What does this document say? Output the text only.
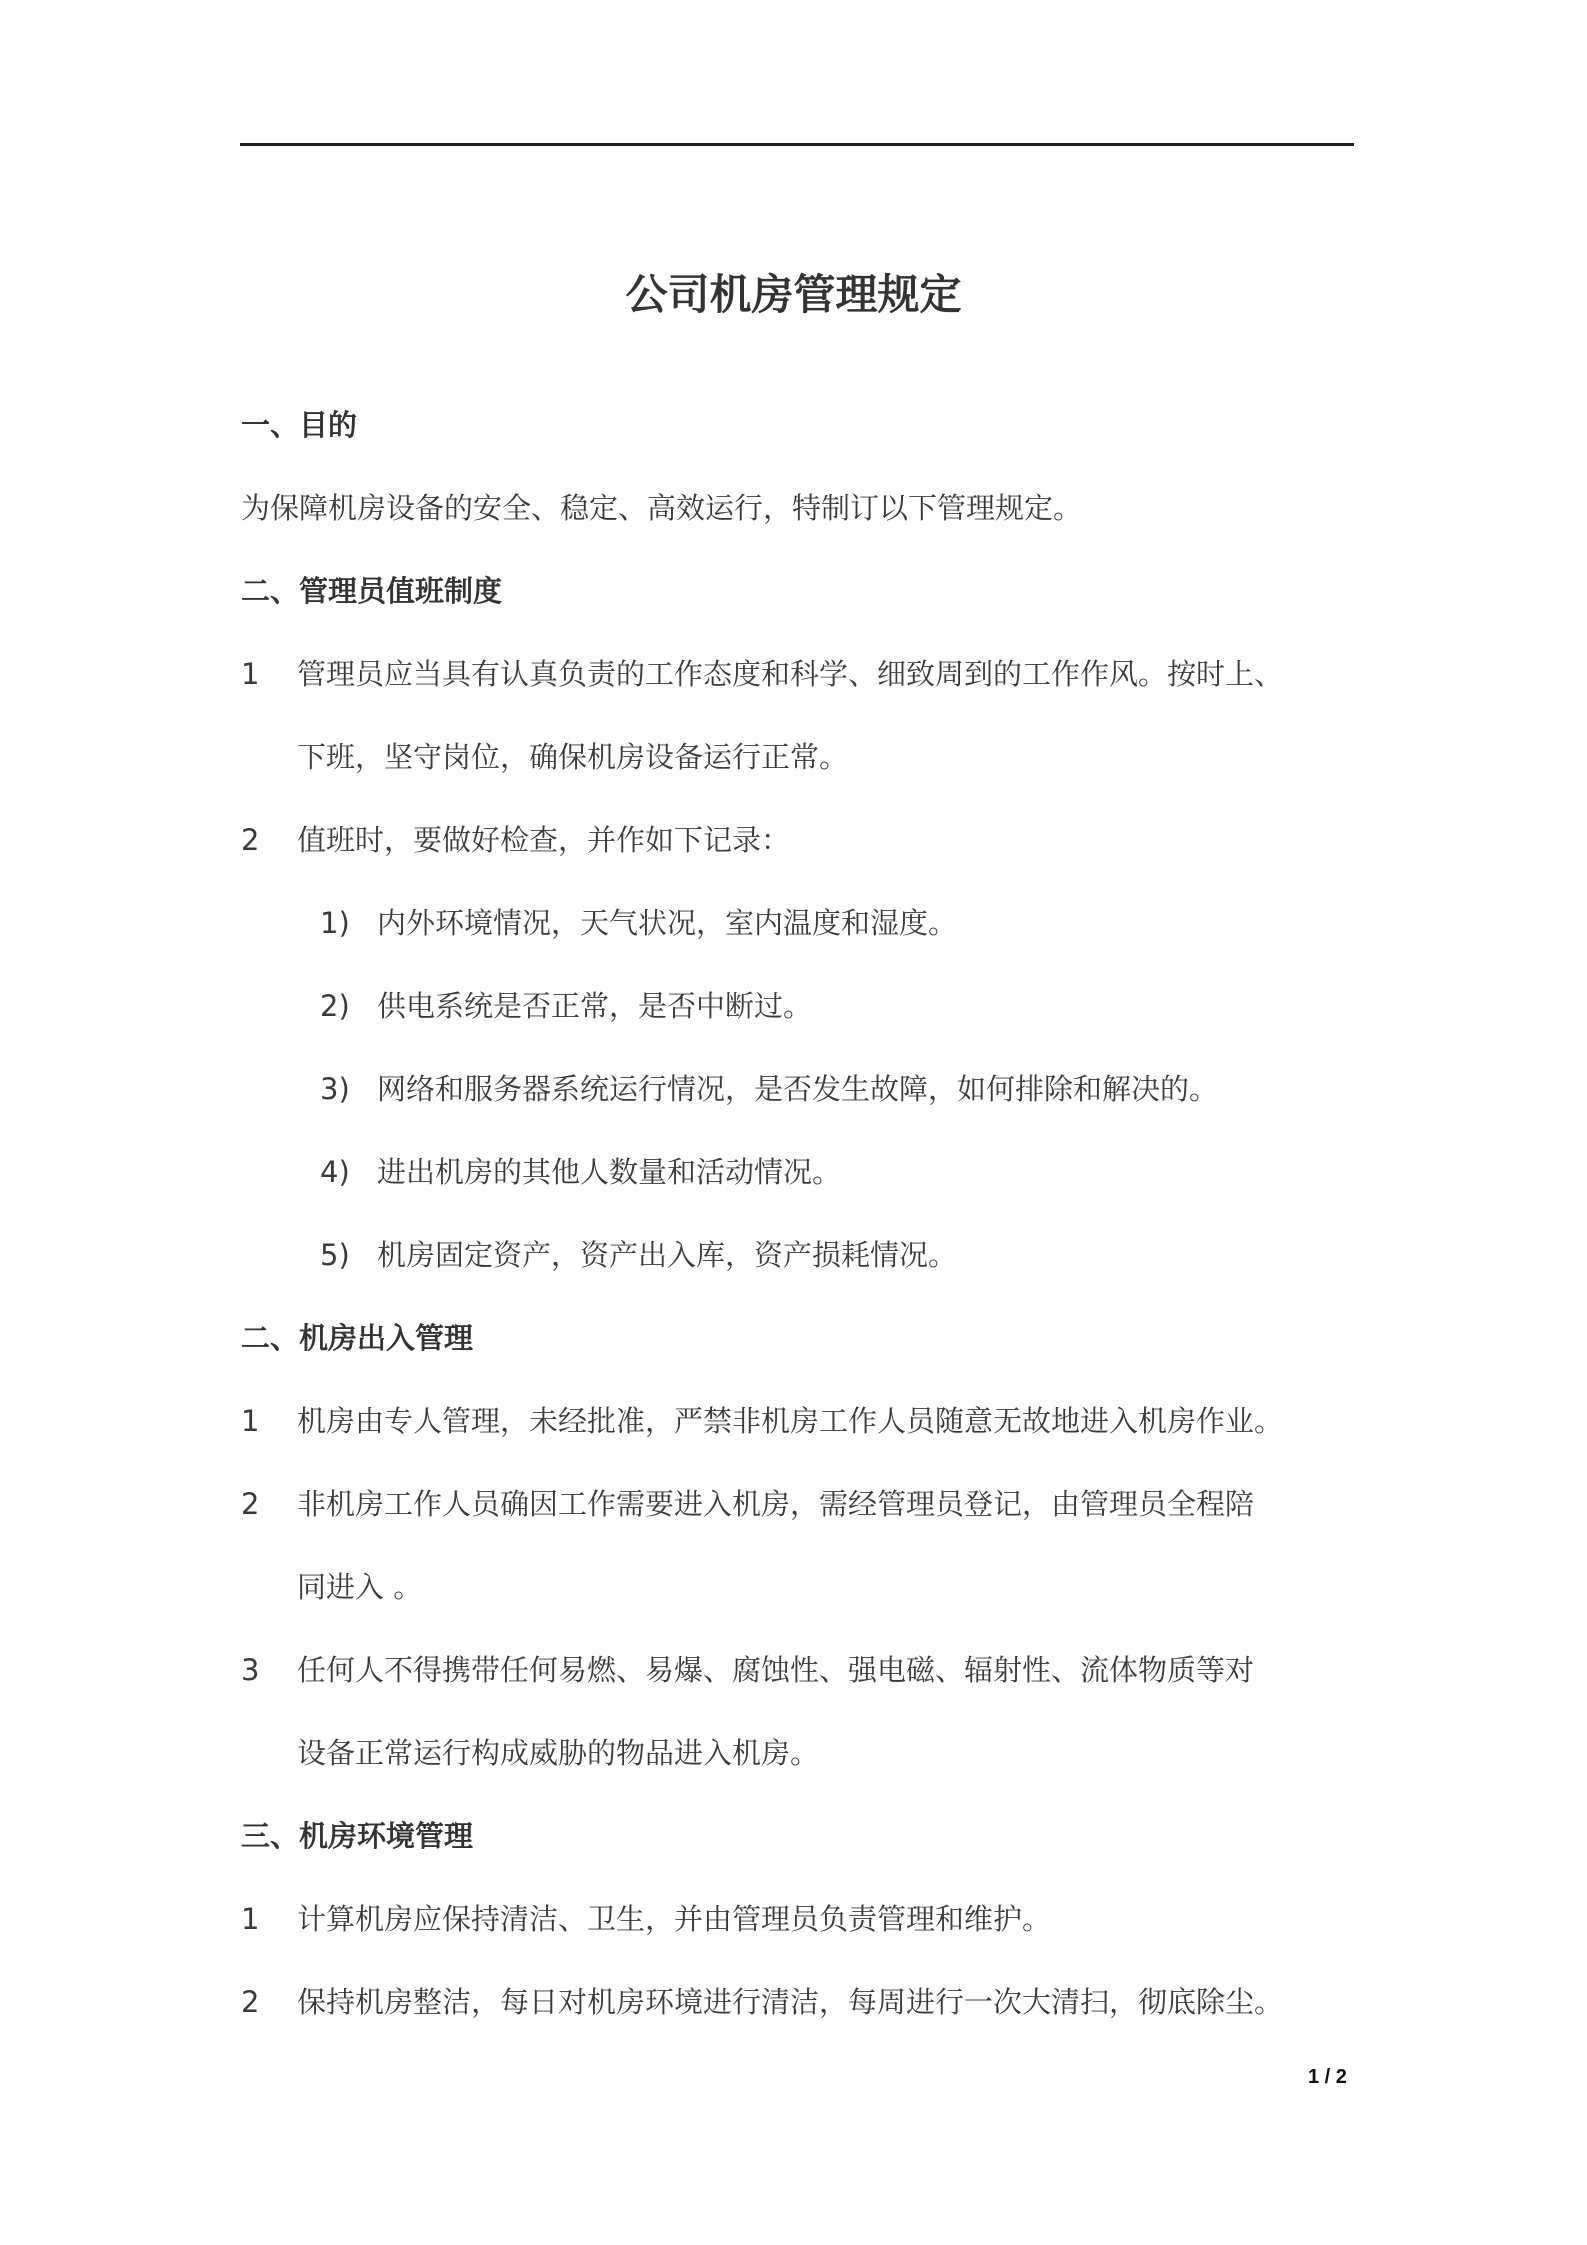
公司机房管理规定
一、目的
为保障机房设备的安全、稳定、高效运行，特制订以下管理规定。
二、管理员值班制度
1	管理员应当具有认真负责的工作态度和科学、细致周到的工作作风。按时上、
下班，坚守岗位，确保机房设备运行正常。
2	值班时，要做好检查，并作如下记录：
1) 内外环境情况，天气状况，室内温度和湿度。
2) 供电系统是否正常，是否中断过。
3) 网络和服务器系统运行情况，是否发生故障，如何排除和解决的。
4) 进出机房的其他人数量和活动情况。
5) 机房固定资产，资产出入库，资产损耗情况。
二、机房出入管理
1	机房由专人管理，未经批准，严禁非机房工作人员随意无故地进入机房作业。
2	非机房工作人员确因工作需要进入机房，需经管理员登记，由管理员全程陪
同进入 。
3	任何人不得携带任何易燃、易爆、腐蚀性、强电磁、辐射性、流体物质等对
设备正常运行构成威胁的物品进入机房。
三、机房环境管理
1	计算机房应保持清洁、卫生，并由管理员负责管理和维护。
2	保持机房整洁，每日对机房环境进行清洁，每周进行一次大清扫，彻底除尘。
1 / 2
